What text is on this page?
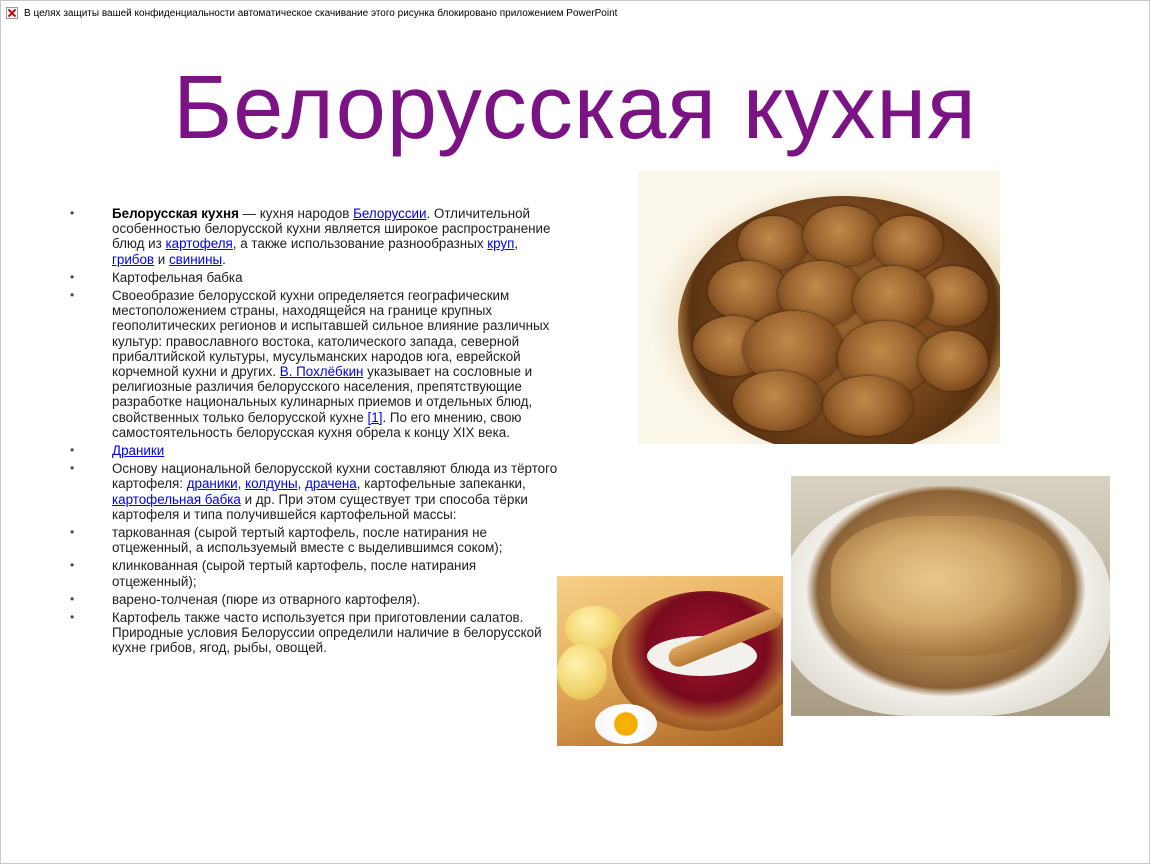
В целях защиты вашей конфиденциальности автоматическое скачивание этого рисунка блокировано приложением PowerPoint
Белорусская кухня
• Белорусская кухня — кухня народов Белоруссии. Отличительной особенностью белорусской кухни является широкое распространение блюд из картофеля, а также использование разнообразных круп, грибов и свинины.
• Картофельная бабка
• Своеобразие белорусской кухни определяется географическим местоположением страны, находящейся на границе крупных геополитических регионов и испытавшей сильное влияние различных культур: православного востока, католического запада, северной прибалтийской культуры, мусульманских народов юга, еврейской корчемной кухни и других. В. Похлёбкин указывает на сословные и религиозные различия белорусского населения, препятствующие разработке национальных кулинарных приемов и отдельных блюд, свойственных только белорусской кухне [1]. По его мнению, свою самостоятельность белорусская кухня обрела к концу XIX века.
• Драники
• Основу национальной белорусской кухни составляют блюда из тёртого картофеля: драники, колдуны, драчена, картофельные запеканки, картофельная бабка и др. При этом существует три способа тёрки картофеля и типа получившейся картофельной массы:
• таркованная (сырой тертый картофель, после натирания не отцеженный, а используемый вместе с выделившимся соком);
• клинкованная (сырой тертый картофель, после натирания отцеженный);
• варено-толченая (пюре из отварного картофеля).
• Картофель также часто используется при приготовлении салатов. Природные условия Белоруссии определили наличие в белорусской кухне грибов, ягод, рыбы, овощей.
